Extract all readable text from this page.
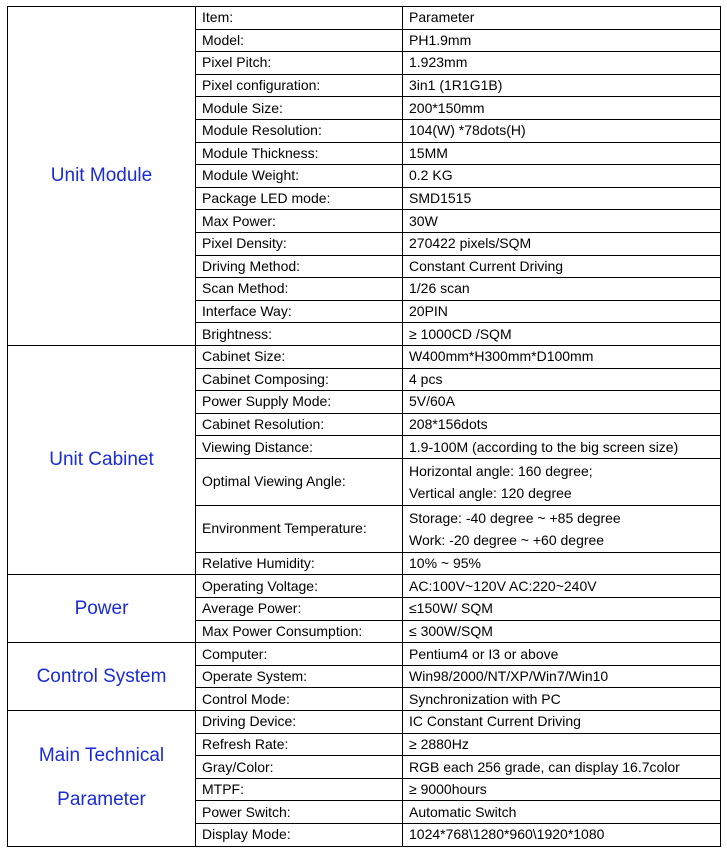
Unit Module	Item:	Parameter
	Model:	PH1.9mm
	Pixel Pitch:	1.923mm
	Pixel configuration:	3in1 (1R1G1B)
	Module Size:	200*150mm
	Module Resolution:	104(W) *78dots(H)
	Module Thickness:	15MM
	Module Weight:	0.2 KG
	Package LED mode:	SMD1515
	Max Power:	30W
	Pixel Density:	270422 pixels/SQM
	Driving Method:	Constant Current Driving
	Scan Method:	1/26 scan
	Interface Way:	20PIN
	Brightness:	≥ 1000CD /SQM

Unit Cabinet	Cabinet Size:	W400mm*H300mm*D100mm
	Cabinet Composing:	4 pcs
	Power Supply Mode:	5V/60A
	Cabinet Resolution:	208*156dots
	Viewing Distance:	1.9-100M (according to the big screen size)
	Optimal Viewing Angle:	Horizontal angle: 160 degree;
Vertical angle: 120 degree

	Environment Temperature:	Storage: -40 degree ~ +85 degree
Work: -20 degree ~ +60 degree

	Relative Humidity:	10% ~ 95%

Power	Operating Voltage:	AC:100V~120V AC:220~240V
	Average Power:	≤150W/ SQM
	Max Power Consumption:	≤ 300W/SQM

Control System	Computer:	Pentium4 or I3 or above
	Operate System:	Win98/2000/NT/XP/Win7/Win10
	Control Mode:	Synchronization with PC

Main Technical
Parameter	Driving Device:	IC Constant Current Driving
	Refresh Rate:	≥ 2880Hz
	Gray/Color:	RGB each 256 grade, can display 16.7color
	MTPF:	≥ 9000hours
	Power Switch:	Automatic Switch
	Display Mode:	1024*768\1280*960\1920*1080
